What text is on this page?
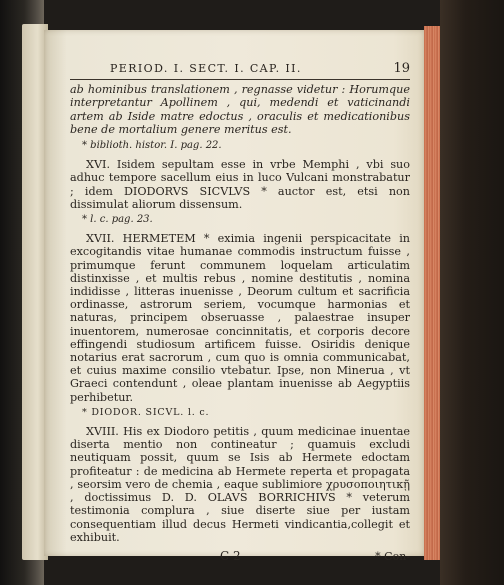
PERIOD. I. SECT. I. CAP. II.	19

ab hominibus translationem , regnasse videtur : Horumque interpretantur Apollinem , qui, medendi et vaticinandi artem ab Iside matre edoctus , oraculis et medicationibus bene de mortalium genere meritus est.

* biblioth. histor. I. pag. 22.

XVI. Isidem sepultam esse in vrbe Memphi , vbi suo adhuc tempore sacellum eius in luco Vulcani monstrabatur ; idem DIODORVS SICVLVS * auctor est, etsi non dissimulat aliorum dissensum.

* l. c. pag. 23.

XVII. HERMETEM * eximia ingenii perspicacitate in excogitandis vitae humanae commodis instructum fuisse , primumque ferunt communem loquelam articulatim distinxisse , et multis rebus , nomine destitutis , nomina indidisse , litteras inuenisse , Deorum cultum et sacrificia ordinasse, astrorum seriem, vocumque harmonias et naturas, principem obseruasse , palaestrae insuper inuentorem, numerosae concinnitatis, et corporis decore effingendi studiosum artificem fuisse. Osiridis denique notarius erat sacrorum , cum quo is omnia communicabat, et cuius maxime consilio vtebatur. Ipse, non Minerua , vt Graeci contendunt , oleae plantam inuenisse ab Aegyptiis perhibetur.

* DIODOR. SICVL. l. c.

XVIII. His ex Diodoro petitis , quum medicinae inuentae diserta mentio non contineatur ; quamuis excludi neutiquam possit, quum se Isis ab Hermete edoctam profiteatur : de medicina ab Hermete reperta et propagata , seorsim vero de chemia , eaque sublimiore χρυσοποιητικῇ , doctissimus D. D. OLAVS BORRICHIVS * veterum testimonia complura , siue diserte siue per iustam consequentiam illud decus Hermeti vindicantia,collegit et exhibuit.

C 2	* Con-
